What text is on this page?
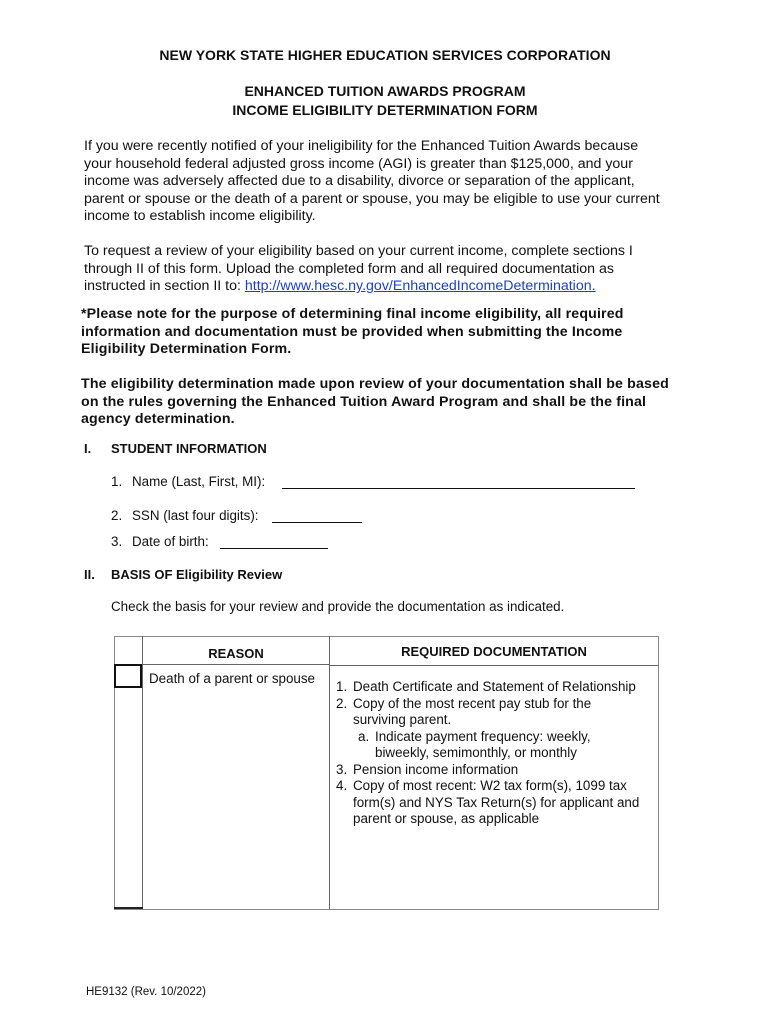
NEW YORK STATE HIGHER EDUCATION SERVICES CORPORATION
ENHANCED TUITION AWARDS PROGRAM
INCOME ELIGIBILITY DETERMINATION FORM
If you were recently notified of your ineligibility for the Enhanced Tuition Awards because
your household federal adjusted gross income (AGI) is greater than $125,000, and your
income was adversely affected due to a disability, divorce or separation of the applicant,
parent or spouse or the death of a parent or spouse, you may be eligible to use your current
income to establish income eligibility.
To request a review of your eligibility based on your current income, complete sections I
through II of this form. Upload the completed form and all required documentation as
instructed in section II to: http://www.hesc.ny.gov/EnhancedIncomeDetermination.
*Please note for the purpose of determining final income eligibility, all required
information and documentation must be provided when submitting the Income
Eligibility Determination Form.
The eligibility determination made upon review of your documentation shall be based
on the rules governing the Enhanced Tuition Award Program and shall be the final
agency determination.
I. STUDENT INFORMATION
1. Name (Last, First, MI):
2. SSN (last four digits):
3. Date of birth:
II. BASIS OF Eligibility Review
Check the basis for your review and provide the documentation as indicated.
REASON	REQUIRED DOCUMENTATION
Death of a parent or spouse
1. Death Certificate and Statement of Relationship
2. Copy of the most recent pay stub for the
surviving parent.
a. Indicate payment frequency: weekly,
biweekly, semimonthly, or monthly
3. Pension income information
4. Copy of most recent: W2 tax form(s), 1099 tax
form(s) and NYS Tax Return(s) for applicant and
parent or spouse, as applicable
HE9132 (Rev. 10/2022)
